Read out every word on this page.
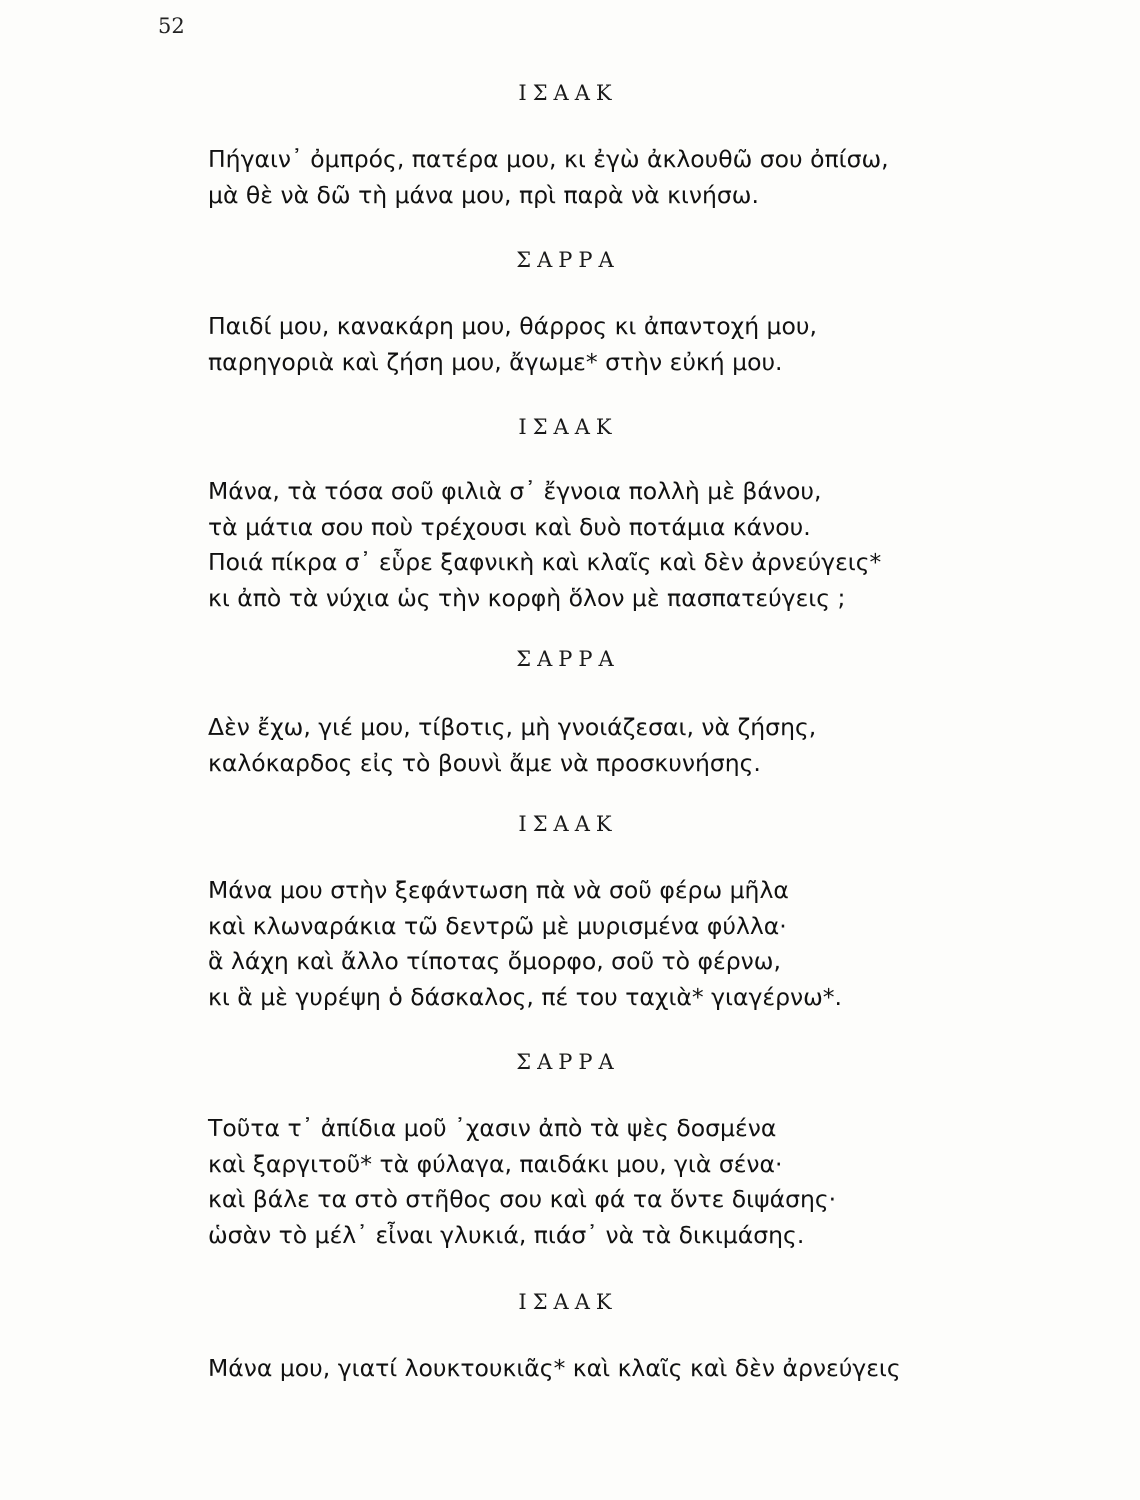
52
ΙΣΑΑΚ
Πήγαιν᾽ ὀμπρός, πατέρα μου, κι ἐγὼ ἀκλουθῶ σου ὀπίσω,
μὰ θὲ νὰ δῶ τὴ μάνα μου, πρὶ παρὰ νὰ κινήσω.
ΣΑΡΡΑ
Παιδί μου, κανακάρη μου, θάρρος κι ἀπαντοχή μου,
παρηγοριὰ καὶ ζήση μου, ἄγωμε* στὴν εὐκή μου.
ΙΣΑΑΚ
Μάνα, τὰ τόσα σοῦ φιλιὰ σ᾽ ἔγνοια πολλὴ μὲ βάνου,
τὰ μάτια σου ποὺ τρέχουσι καὶ δυὸ ποτάμια κάνου.
Ποιά πίκρα σ᾽ εὗρε ξαφνικὴ καὶ κλαῖς καὶ δὲν ἀρνεύγεις*
κι ἀπὸ τὰ νύχια ὡς τὴν κορφὴ ὅλον μὲ πασπατεύγεις ;
ΣΑΡΡΑ
Δὲν ἔχω, γιέ μου, τίβοτις, μὴ γνοιάζεσαι, νὰ ζήσης,
καλόκαρδος εἰς τὸ βουνὶ ἄμε νὰ προσκυνήσης.
ΙΣΑΑΚ
Μάνα μου στὴν ξεφάντωση πὰ νὰ σοῦ φέρω μῆλα
καὶ κλωναράκια τῶ δεντρῶ μὲ μυρισμένα φύλλα·
ἃ λάχη καὶ ἄλλο τίποτας ὄμορφο, σοῦ τὸ φέρνω,
κι ἃ μὲ γυρέψη ὁ δάσκαλος, πέ του ταχιὰ* γιαγέρνω*.
ΣΑΡΡΑ
Τοῦτα τ᾽ ἀπίδια μοῦ ᾽χασιν ἀπὸ τὰ ψὲς δοσμένα
καὶ ξαργιτοῦ* τὰ φύλαγα, παιδάκι μου, γιὰ σένα·
καὶ βάλε τα στὸ στῆθος σου καὶ φά τα ὅντε διψάσης·
ὡσὰν τὸ μέλ᾽ εἶναι γλυκιά, πιάσ᾽ νὰ τὰ δικιμάσης.
ΙΣΑΑΚ
Μάνα μου, γιατί λουκτουκιᾶς* καὶ κλαῖς καὶ δὲν ἀρνεύγεις
